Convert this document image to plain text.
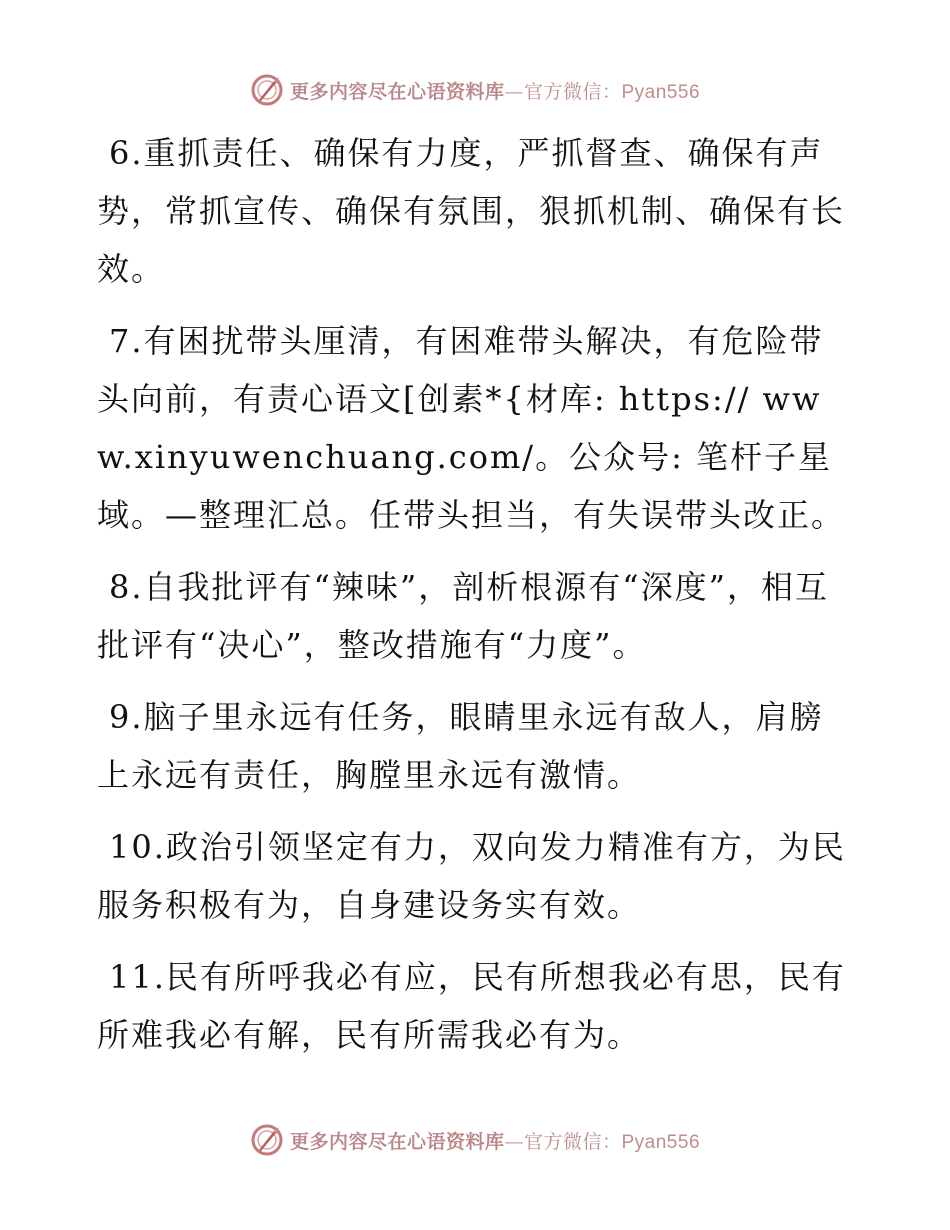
更多内容尽在心语资料库—官方微信：Pyan556

6.重抓责任、确保有力度，严抓督查、确保有声势，常抓宣传、确保有氛围，狠抓机制、确保有长效。

7.有困扰带头厘清，有困难带头解决，有危险带头向前，有责心语文[创素*{材库: https:// www.xinyuwenchuang.com/。公众号: 笔杆子星域。—整理汇总。任带头担当，有失误带头改正。

8.自我批评有“辣味”，剖析根源有“深度”，相互批评有“决心”，整改措施有“力度”。

9.脑子里永远有任务，眼睛里永远有敌人，肩膀上永远有责任，胸膛里永远有激情。

10.政治引领坚定有力，双向发力精准有方，为民服务积极有为，自身建设务实有效。

11.民有所呼我必有应，民有所想我必有思，民有所难我必有解，民有所需我必有为。

更多内容尽在心语资料库—官方微信：Pyan556
